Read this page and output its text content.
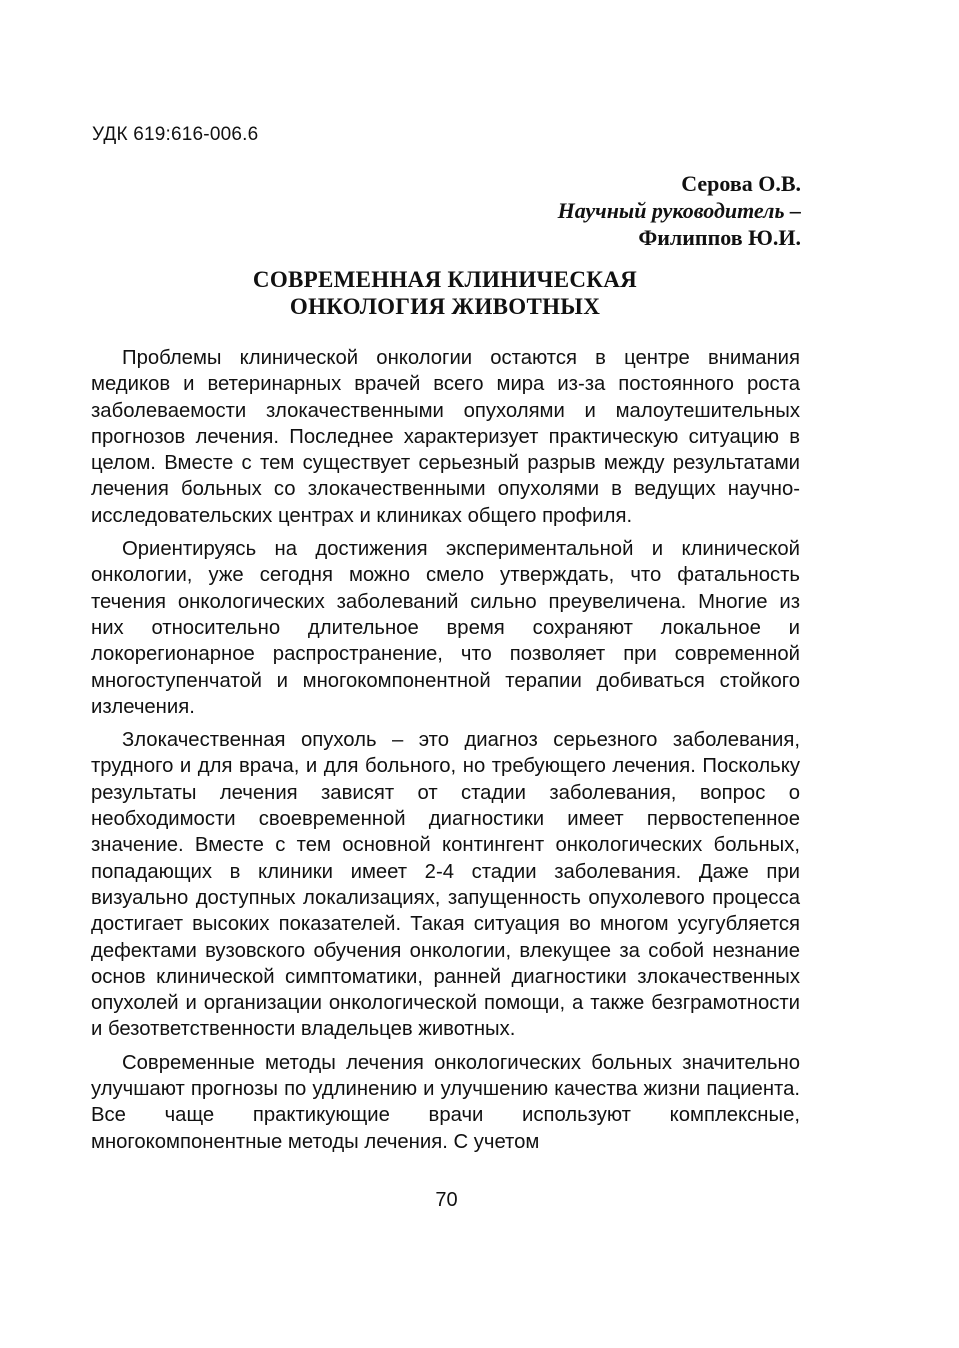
УДК 619:616-006.6
Серова О.В.
Научный руководитель –
Филиппов Ю.И.
СОВРЕМЕННАЯ КЛИНИЧЕСКАЯ
ОНКОЛОГИЯ ЖИВОТНЫХ

Проблемы клинической онкологии остаются в центре внимания медиков и ветеринарных врачей всего мира из-за постоянного роста заболеваемости злокачественными опухолями и малоутешительных прогнозов лечения. Последнее характеризует практическую ситуацию в целом. Вместе с тем существует серьезный разрыв между результатами лечения больных со злокачественными опухолями в ведущих научно-исследовательских центрах и клиниках общего профиля.

Ориентируясь на достижения экспериментальной и клинической онкологии, уже сегодня можно смело утверждать, что фатальность течения онкологических заболеваний сильно преувеличена. Многие из них относительно длительное время сохраняют локальное и локорегионарное распространение, что позволяет при современной многоступенчатой и многокомпонентной терапии добиваться стойкого излечения.

Злокачественная опухоль – это диагноз серьезного заболевания, трудного и для врача, и для больного, но требующего лечения. Поскольку результаты лечения зависят от стадии заболевания, вопрос о необходимости своевременной диагностики имеет первостепенное значение. Вместе с тем основной контингент онкологических больных, попадающих в клиники имеет 2-4 стадии заболевания. Даже при визуально доступных локализациях, запущенность опухолевого процесса достигает высоких показателей. Такая ситуация во многом усугубляется дефектами вузовского обучения онкологии, влекущее за собой незнание основ клинической симптоматики, ранней диагностики злокачественных опухолей и организации онкологической помощи, а также безграмотности и безответственности владельцев животных.

Современные методы лечения онкологических больных значительно улучшают прогнозы по удлинению и улучшению качества жизни пациента. Все чаще практикующие врачи используют комплексные, многокомпонентные методы лечения. С учетом

70
